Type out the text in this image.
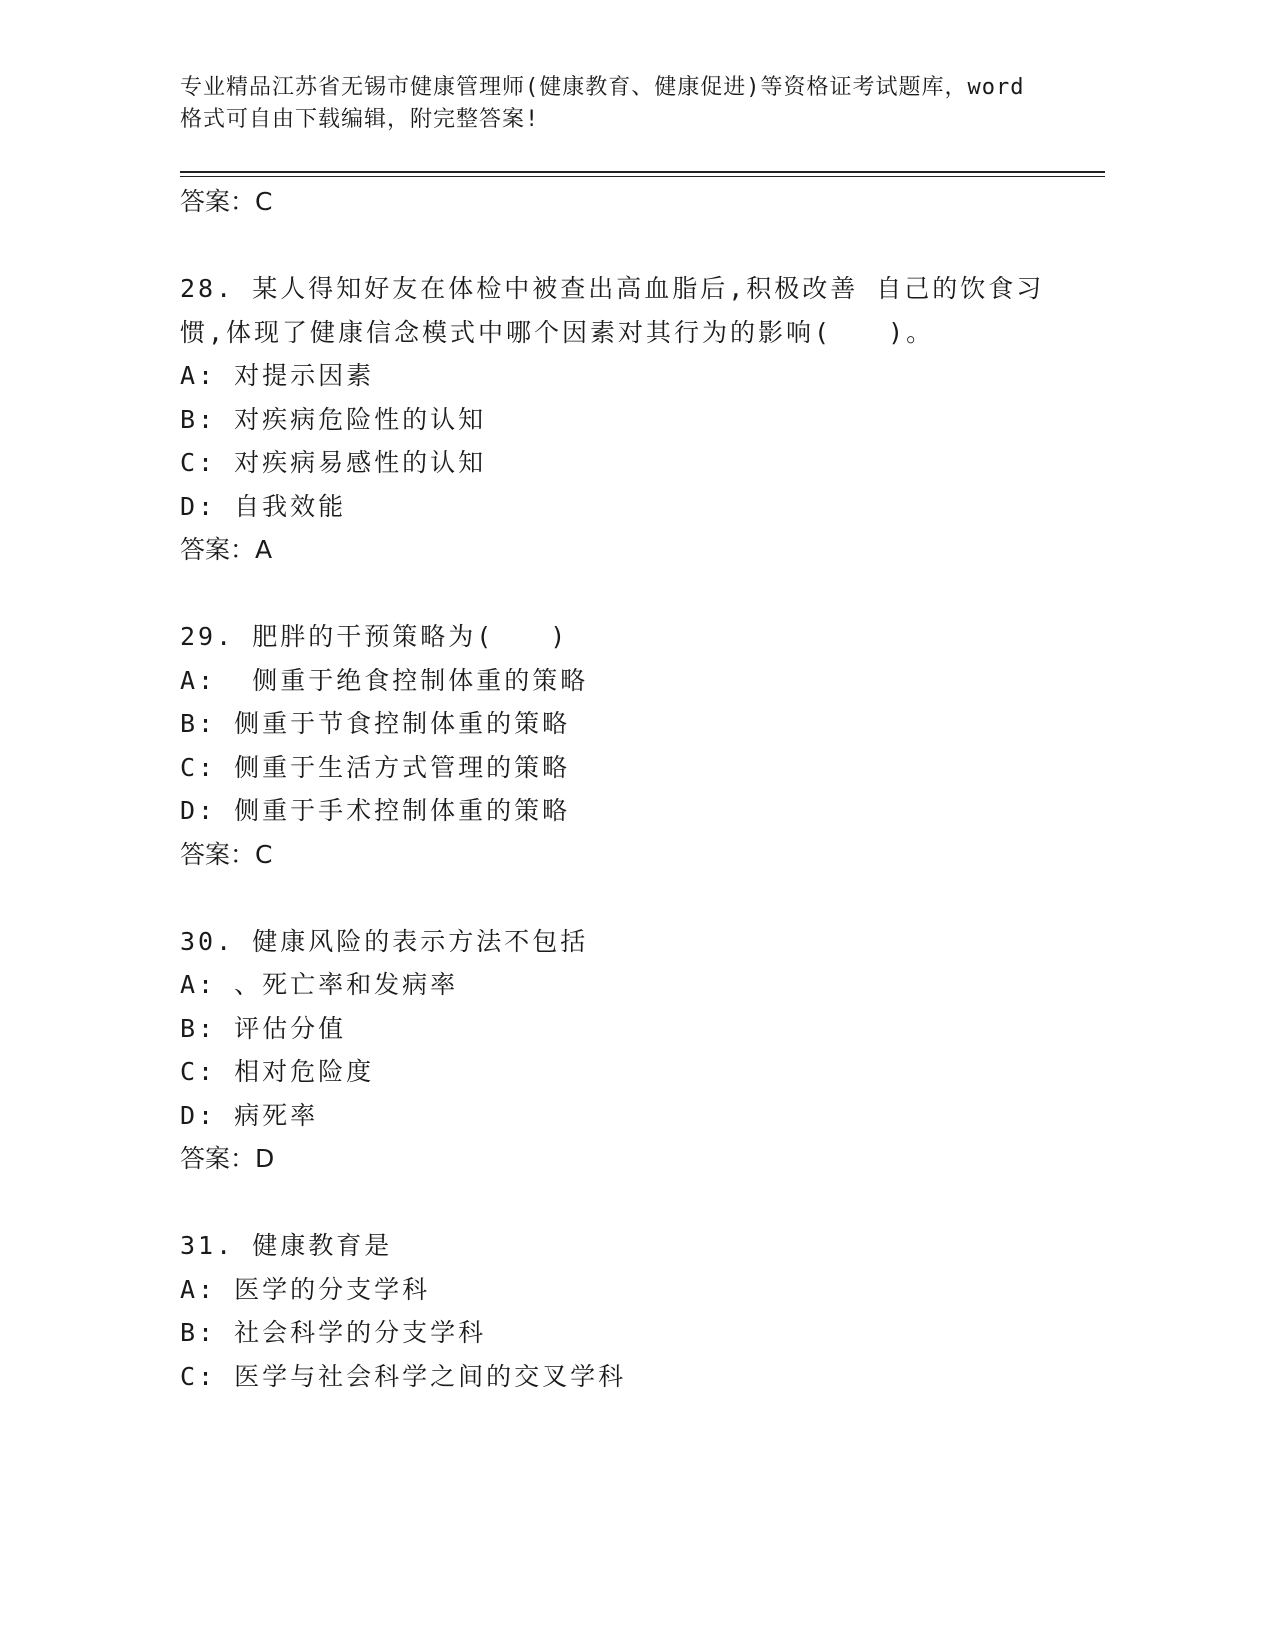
专业精品江苏省无锡市健康管理师(健康教育、健康促进)等资格证考试题库，word
格式可自由下载编辑，附完整答案!
答案：C
28. 某人得知好友在体检中被查出高血脂后,积极改善 自己的饮食习
惯,体现了健康信念模式中哪个因素对其行为的影响(　　)。
A: 对提示因素
B: 对疾病危险性的认知
C: 对疾病易感性的认知
D: 自我效能
答案：A
29. 肥胖的干预策略为(　　)
A:  侧重于绝食控制体重的策略
B: 侧重于节食控制体重的策略
C: 侧重于生活方式管理的策略
D: 侧重于手术控制体重的策略
答案：C
30. 健康风险的表示方法不包括
A: 、死亡率和发病率
B: 评估分值
C: 相对危险度
D: 病死率
答案：D
31. 健康教育是
A: 医学的分支学科
B: 社会科学的分支学科
C: 医学与社会科学之间的交叉学科
